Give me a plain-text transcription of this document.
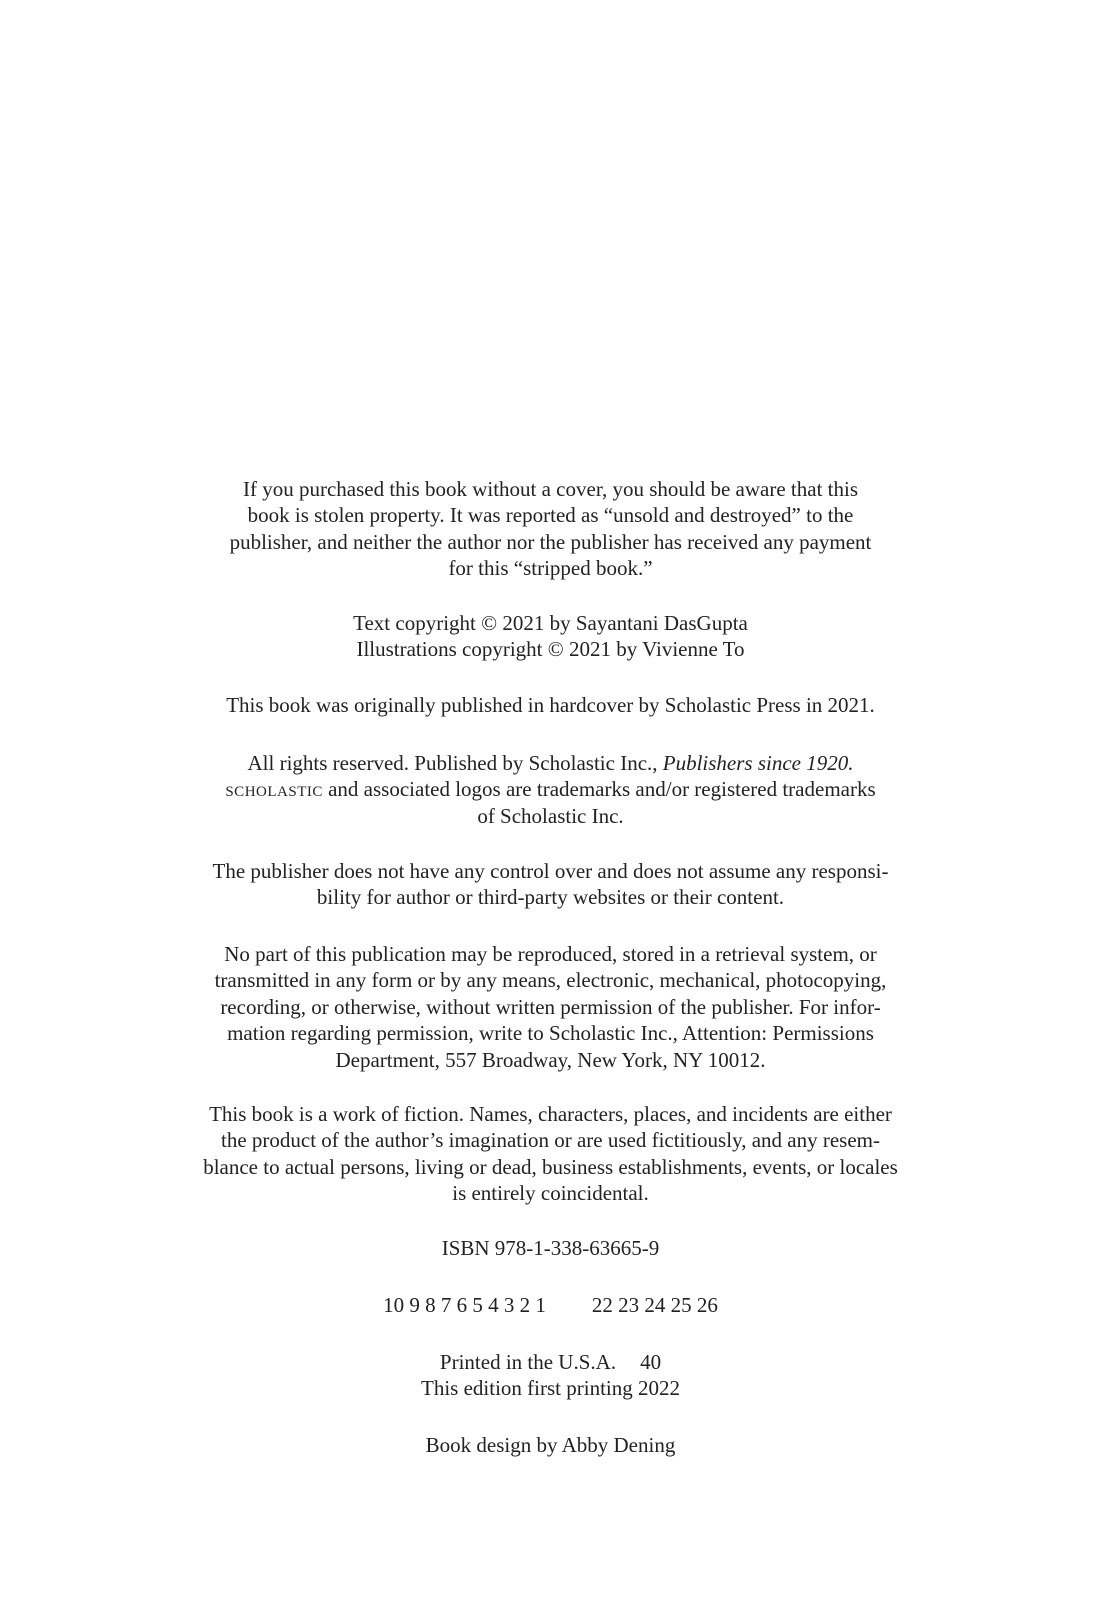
If you purchased this book without a cover, you should be aware that this
book is stolen property. It was reported as “unsold and destroyed” to the
publisher, and neither the author nor the publisher has received any payment
for this “stripped book.”

Text copyright © 2021 by Sayantani DasGupta
Illustrations copyright © 2021 by Vivienne To

This book was originally published in hardcover by Scholastic Press in 2021.

All rights reserved. Published by Scholastic Inc., Publishers since 1920.
scholastic and associated logos are trademarks and/or registered trademarks
of Scholastic Inc.

The publisher does not have any control over and does not assume any responsi-
bility for author or third-party websites or their content.

No part of this publication may be reproduced, stored in a retrieval system, or
transmitted in any form or by any means, electronic, mechanical, photocopying,
recording, or otherwise, without written permission of the publisher. For infor-
mation regarding permission, write to Scholastic Inc., Attention: Permissions
Department, 557 Broadway, New York, NY 10012.

This book is a work of fiction. Names, characters, places, and incidents are either
the product of the author’s imagination or are used fictitiously, and any resem-
blance to actual persons, living or dead, business establishments, events, or locales
is entirely coincidental.

ISBN 978-1-338-63665-9

10 9 8 7 6 5 4 3 2 1 22 23 24 25 26

Printed in the U.S.A. 40
This edition first printing 2022

Book design by Abby Dening
